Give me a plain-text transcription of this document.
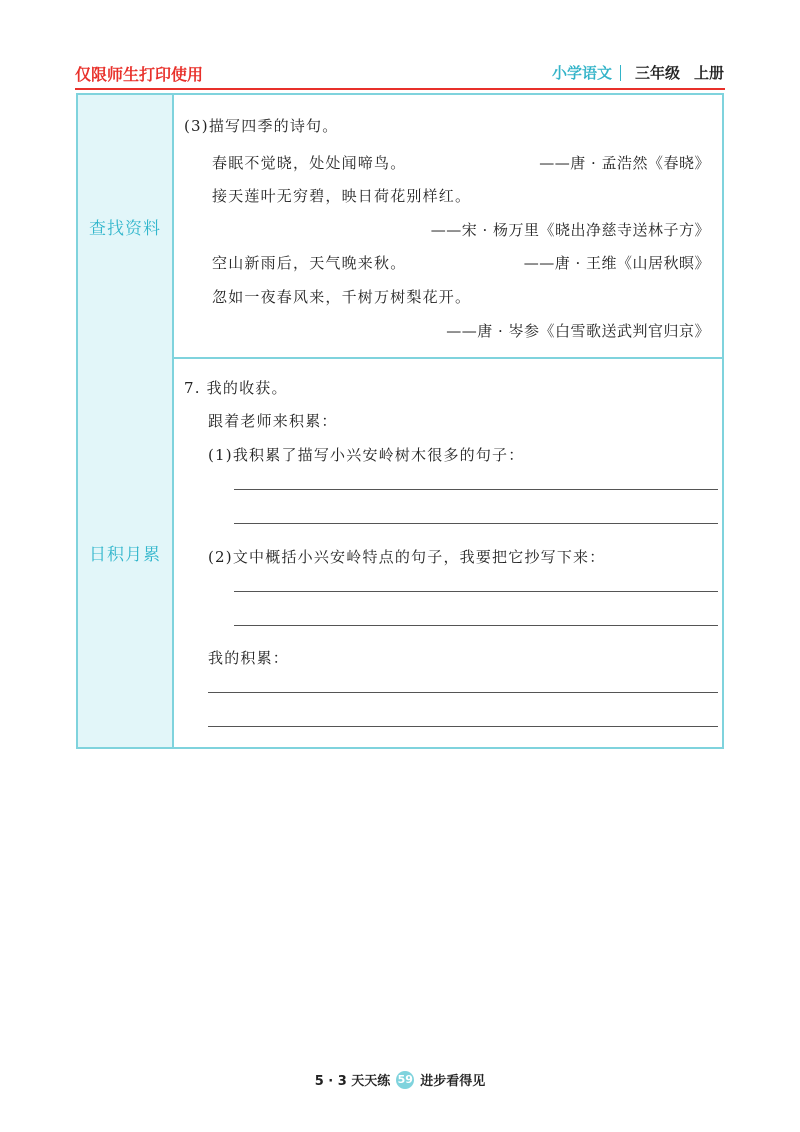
仅限师生打印使用	小学语文 三年级 上册
查找资料
(3)描写四季的诗句。
春眠不觉晓，处处闻啼鸟。	——唐 · 孟浩然《春晓》
接天莲叶无穷碧，映日荷花别样红。
——宋 · 杨万里《晓出净慈寺送林子方》
空山新雨后，天气晚来秋。	——唐 · 王维《山居秋暝》
忽如一夜春风来，千树万树梨花开。
——唐 · 岑参《白雪歌送武判官归京》
日积月累
7. 我的收获。
跟着老师来积累：
(1)我积累了描写小兴安岭树木很多的句子：
(2)文中概括小兴安岭特点的句子，我要把它抄写下来：
我的积累：
5 · 3 天天练 59 进步看得见
